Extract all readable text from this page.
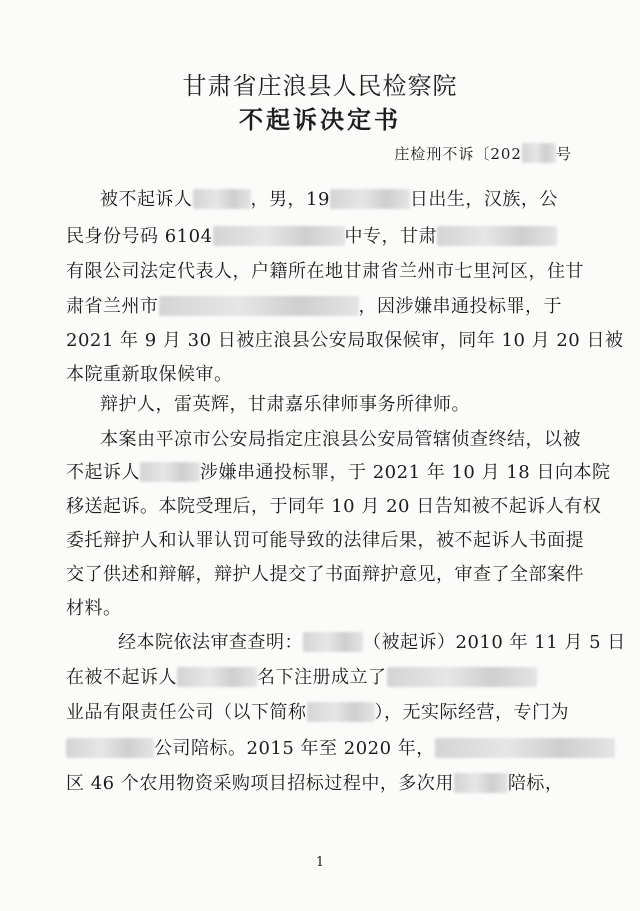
甘肃省庄浪县人民检察院
不起诉决定书
庄检刑不诉〔202 号
被不起诉人	，男，19	日出生，汉族，公
民身份号码 6104	中专，甘肃
有限公司法定代表人，户籍所在地甘肃省兰州市七里河区，住甘
肃省兰州市	，因涉嫌串通投标罪，于
2021 年 9 月 30 日被庄浪县公安局取保候审，同年 10 月 20 日被
本院重新取保候审。
辩护人，雷英辉，甘肃嘉乐律师事务所律师。
本案由平凉市公安局指定庄浪县公安局管辖侦查终结，以被
不起诉人	涉嫌串通投标罪，于 2021 年 10 月 18 日向本院
移送起诉。本院受理后，于同年 10 月 20 日告知被不起诉人有权
委托辩护人和认罪认罚可能导致的法律后果，被不起诉人书面提
交了供述和辩解，辩护人提交了书面辩护意见，审查了全部案件
材料。
经本院依法审查查明：	（被起诉）2010 年 11 月 5 日
在被不起诉人	名下注册成立了
业品有限责任公司（以下简称	），无实际经营，专门为
公司陪标。2015 年至 2020 年，
区 46 个农用物资采购项目招标过程中，多次用	陪标，
1
